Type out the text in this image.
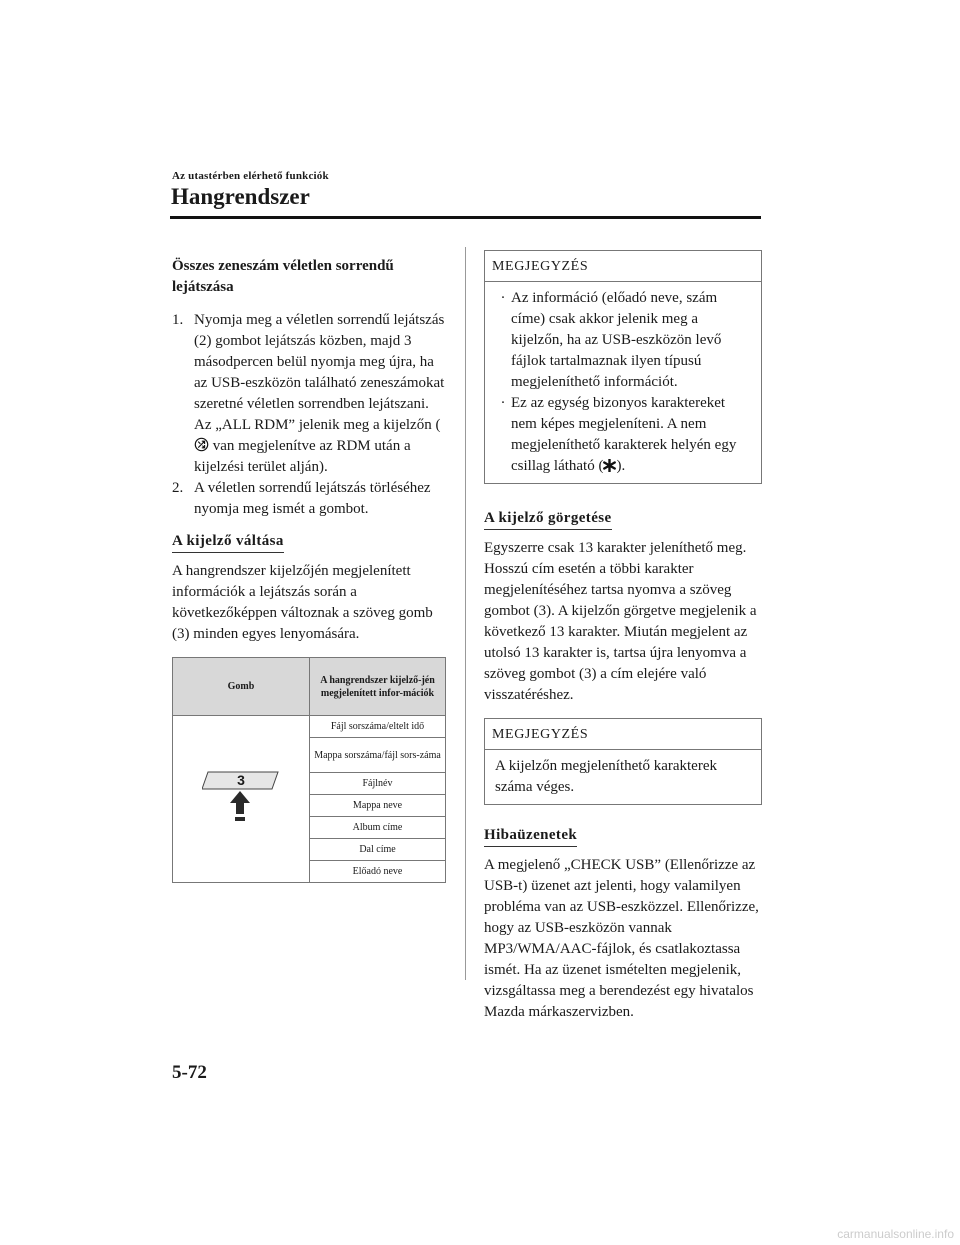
Az utastérben elérhető funkciók
Hangrendszer

Összes zeneszám véletlen sorrendű lejátszása

1. Nyomja meg a véletlen sorrendű lejátszás (2) gombot lejátszás közben, majd 3 másodpercen belül nyomja meg újra, ha az USB-eszközön található zeneszámokat szeretné véletlen sorrendben lejátszani. Az „ALL RDM” jelenik meg a kijelzőn ( van megjelenítve az RDM után a kijelzési terület alján).
2. A véletlen sorrendű lejátszás törléséhez nyomja meg ismét a gombot.
A kijelző váltása

A hangrendszer kijelzőjén megjelenített információk a lejátszás során a következőképpen változnak a szöveg gomb (3) minden egyes lenyomására.

Gomb	A hangrendszer kijelző-jén megjelenített infor-mációk

3	Fájl sorszáma/eltelt idő
	Mappa sorszáma/fájl sors-záma
	Fájlnév
	Mappa neve
	Album címe
	Dal címe
	Előadó neve
MEGJEGYZÉS
· Az információ (előadó neve, szám címe) csak akkor jelenik meg a kijelzőn, ha az USB-eszközön levő fájlok tartalmaznak ilyen típusú megjeleníthető információt.
· Ez az egység bizonyos karaktereket nem képes megjeleníteni. A nem megjeleníthető karakterek helyén egy csillag látható ( ).
A kijelző görgetése

Egyszerre csak 13 karakter jeleníthető meg. Hosszú cím esetén a többi karakter megjelenítéséhez tartsa nyomva a szöveg gombot (3). A kijelzőn görgetve megjelenik a következő 13 karakter. Miután megjelent az utolsó 13 karakter is, tartsa újra lenyomva a szöveg gombot (3) a cím elejére való visszatéréshez.

MEGJEGYZÉS

A kijelzőn megjeleníthető karakterek száma véges.

Hibaüzenetek

A megjelenő „CHECK USB” (Ellenőrizze az USB-t) üzenet azt jelenti, hogy valamilyen probléma van az USB-eszközzel. Ellenőrizze, hogy az USB-eszközön vannak MP3/WMA/AAC-fájlok, és csatlakoztassa ismét. Ha az üzenet ismételten megjelenik, vizsgáltassa meg a berendezést egy hivatalos Mazda márkaszervizben.

5-72
carmanualsonline.info
